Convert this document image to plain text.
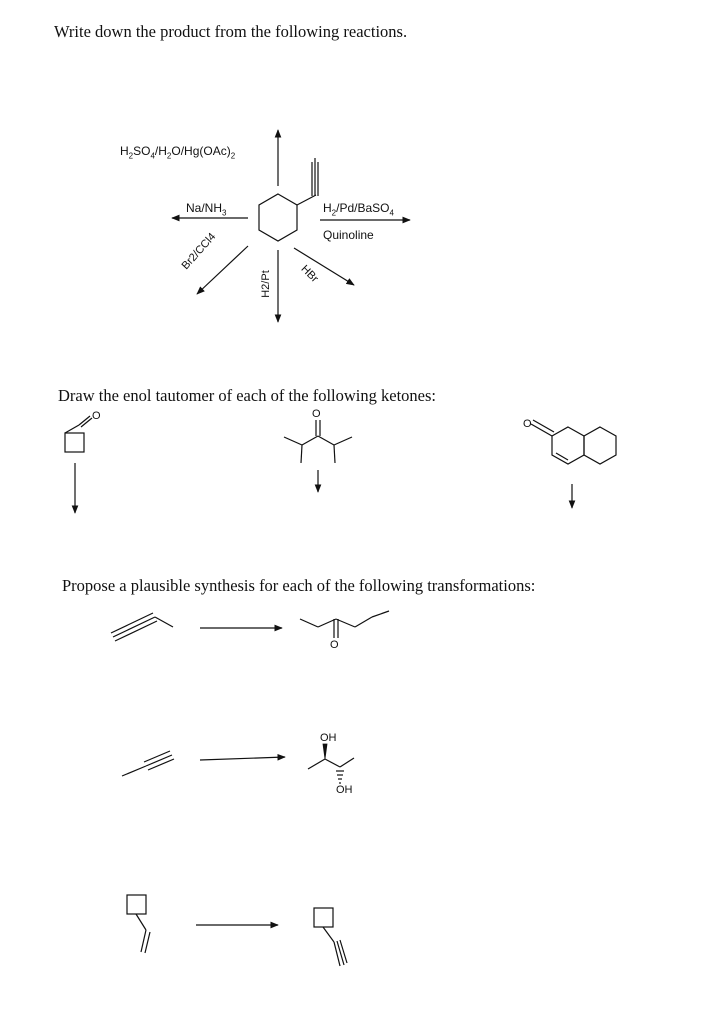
Write down the product from the following reactions.
Draw the enol tautomer of each of the following ketones:
Propose a plausible synthesis for each of the following transformations:
$H_2SO_4/H_2O/Hg(OAc)_2$
$Na/NH_3$	$H_2/Pd/BaSO_4$
Quinoline
Br2/CCl4
H2/Pt HBr
O	O
O
O
OH
OH
